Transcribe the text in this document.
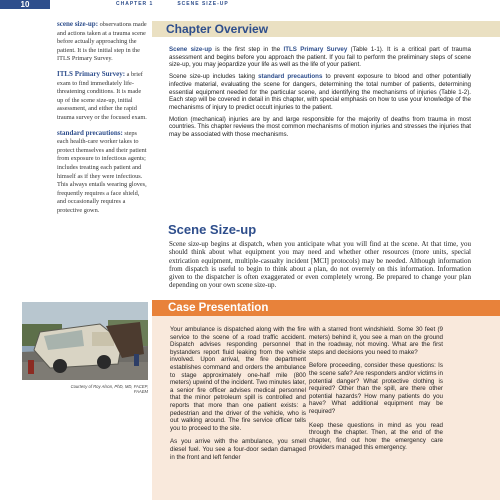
10	CHAPTER 1	SCENE SIZE-UP
scene size-up: observations made and actions taken at a trauma scene before actually approaching the patient. It is the initial step in the ITLS Primary Survey.
ITLS Primary Survey: a brief exam to find immediately life-threatening conditions. It is made up of the scene size-up, initial assessment, and either the rapid trauma survey or the focused exam.
standard precautions: steps each health-care worker takes to protect themselves and their patient from exposure to infectious agents; includes treating each patient and himself as if they were infectious. This always entails wearing gloves, frequently requires a face shield, and occasionally requires a protective gown.
Chapter Overview

Scene size-up is the first step in the ITLS Primary Survey (Table 1-1). It is a critical part of trauma assessment and begins before you approach the patient. If you fail to perform the preliminary steps of scene size-up, you may jeopardize your life as well as the life of your patient.

Scene size-up includes taking standard precautions to prevent exposure to blood and other potentially infective material, evaluating the scene for dangers, determining the total number of patients, determining essential equipment needed for the particular scene, and identifying the mechanisms of injuries (Table 1-2). Each step will be covered in detail in this chapter, with special emphasis on how to use your knowledge of the mechanisms of injury to predict occult injuries to the patient.

Motion (mechanical) injuries are by and large responsible for the majority of deaths from trauma in most countries. This chapter reviews the most common mechanisms of motion injuries and stresses the injuries that may be associated with those mechanisms.

Scene Size-up

Scene size-up begins at dispatch, when you anticipate what you will find at the scene. At that time, you should think about what equipment you may need and whether other resources (more units, special extrication equipment, multiple-casualty incident [MCI] protocols) may be needed. Although information from dispatch is useful to begin to think about a plan, do not overrely on this information. Information given to the dispatcher is often exaggerated or even completely wrong. Be prepared to change your plan depending on your own scene size-up.

Courtesy of Roy Alson, PhD, MD, FACEP, FAAEM
Case Presentation

Your ambulance is dispatched along with the fire service to the scene of a road traffic accident. Dispatch advises responding personnel that bystanders report fluid leaking from the vehicle involved. Upon arrival, the fire department establishes command and orders the ambulance to stage approximately one-half mile (800 meters) upwind of the incident. Two minutes later, a senior fire officer advises medical personnel that the minor petroleum spill is controlled and reports that more than one patient exists: a pedestrian and the driver of the vehicle, who is out walking around. The fire service officer tells you to proceed to the site.

As you arrive with the ambulance, you smell diesel fuel. You see a four-door sedan damaged in the front and left fender

with a starred front windshield. Some 30 feet (9 meters) behind it, you see a man on the ground in the roadway, not moving. What are the first steps and decisions you need to make?

Before proceeding, consider these questions: Is the scene safe? Are responders and/or victims in potential danger? What protective clothing is required? Other than the spill, are there other potential hazards? How many patients do you have? What additional equipment may be required?

Keep these questions in mind as you read through the chapter. Then, at the end of the chapter, find out how the emergency care providers managed this emergency.
